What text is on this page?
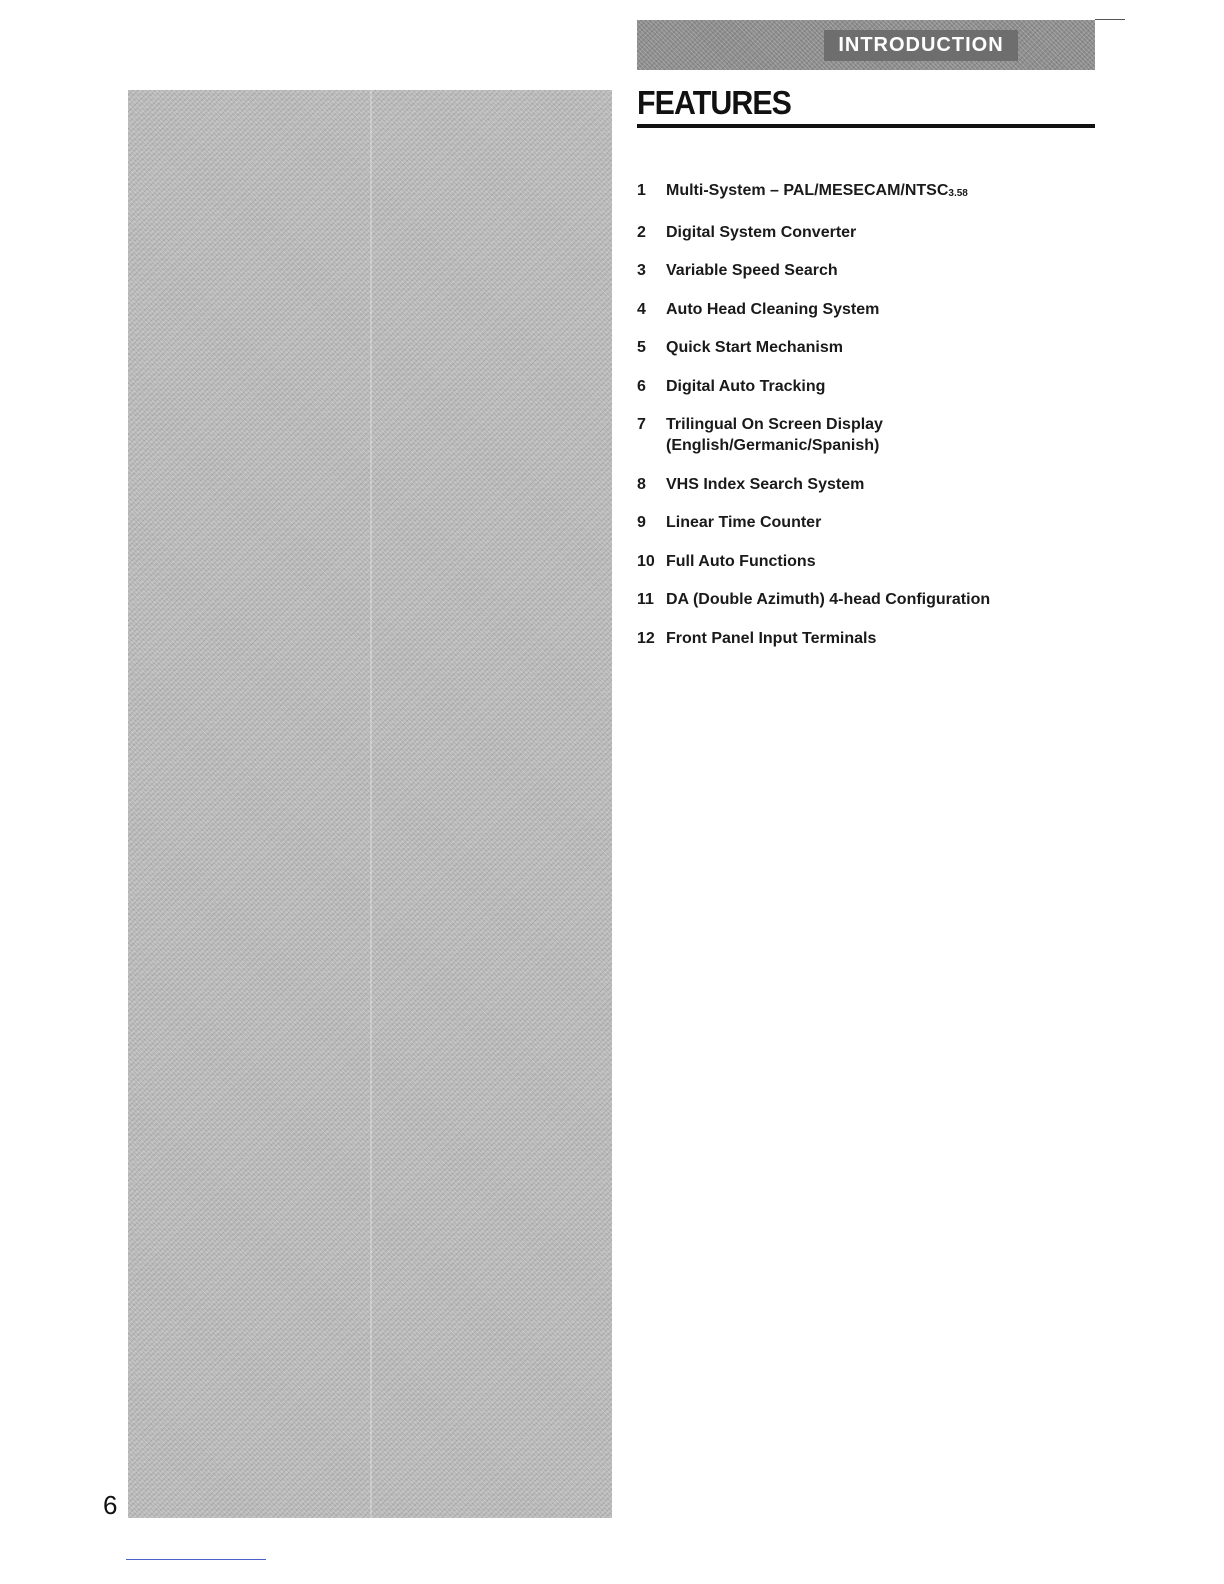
6
INTRODUCTION
FEATURES
1	Multi-System – PAL/MESECAM/NTSC3.58
2	Digital System Converter
3	Variable Speed Search
4	Auto Head Cleaning System
5	Quick Start Mechanism
6	Digital Auto Tracking
7	Trilingual On Screen Display
(English/Germanic/Spanish)
8	VHS Index Search System
9	Linear Time Counter
10 Full Auto Functions
11 DA (Double Azimuth) 4-head Configuration
12 Front Panel Input Terminals
